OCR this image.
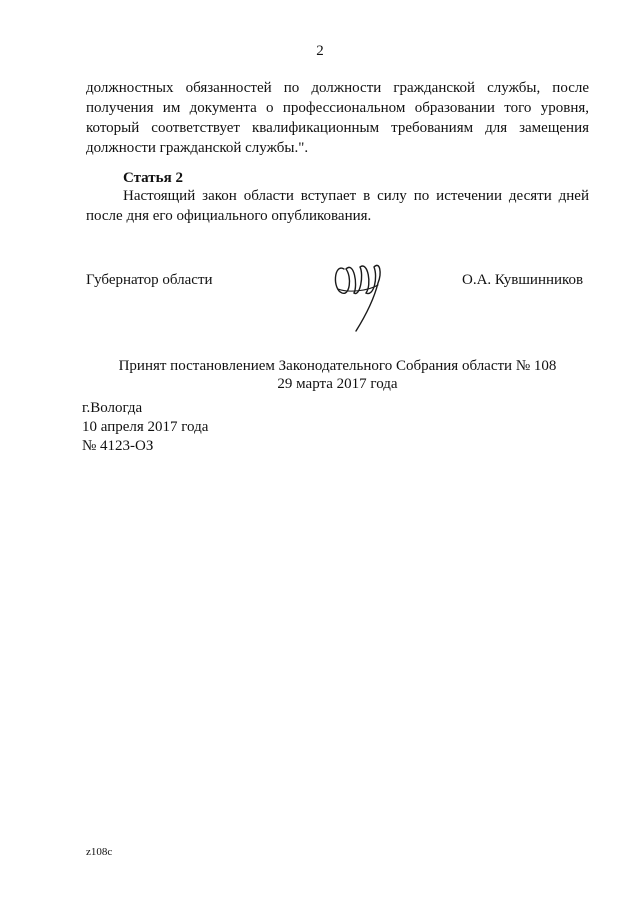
2
должностных обязанностей по должности гражданской службы, после
получения им документа о профессиональном образовании того уровня,
который соответствует квалификационным требованиям для замещения
должности гражданской службы.".
Статья 2
Настоящий закон области вступает в силу по истечении десяти дней
после дня его официального опубликования.
Губернатор области	О.А. Кувшинников
Принят постановлением Законодательного Собрания области № 108
29 марта 2017 года
г.Вологда
10 апреля 2017 года
№ 4123-ОЗ
z108c
